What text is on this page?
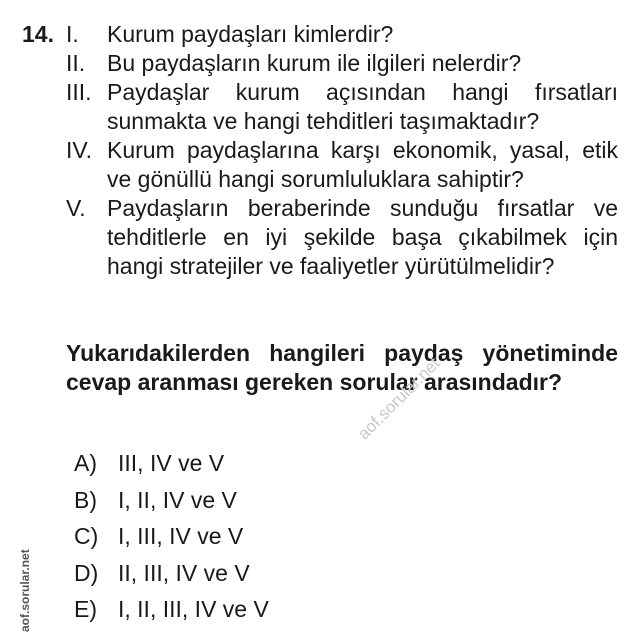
14. I.	Kurum paydaşları kimlerdir?
II. Bu paydaşların kurum ile ilgileri nelerdir?
III. Paydaşlar kurum açısından hangi fırsatları sunmakta ve hangi tehditleri taşımaktadır?
IV. Kurum paydaşlarına karşı ekonomik, yasal, etik ve gönüllü hangi sorumluluklara sahiptir?
V. Paydaşların beraberinde sunduğu fırsatlar ve tehditlerle en iyi şekilde başa çıkabilmek için hangi stratejiler ve faaliyetler yürütülmelidir?
Yukarıdakilerden hangileri paydaş yönetiminde cevap aranması gereken sorular arasındadır?
A) III, IV ve V
B) I, II, IV ve V
C) I, III, IV ve V
D) II, III, IV ve V
E) I, II, III, IV ve V
aof.sorular.net
aof.sorular.net
